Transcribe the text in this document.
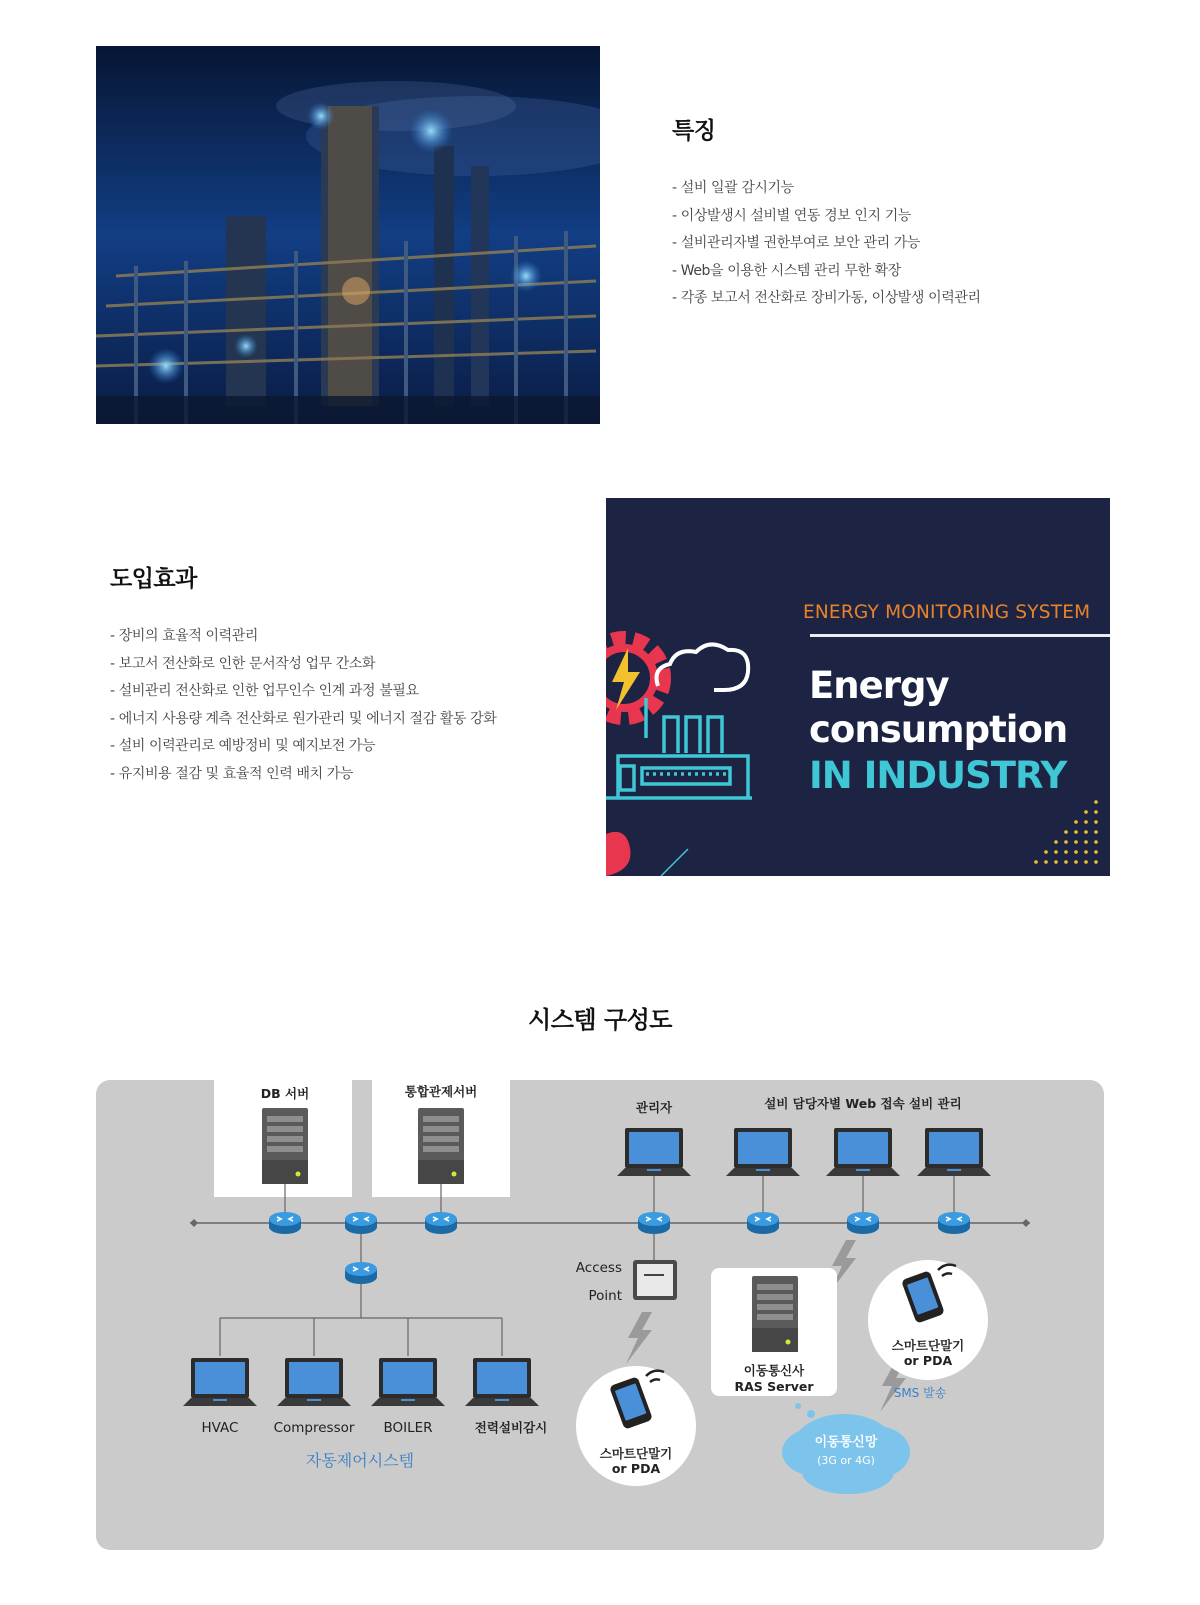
특징
- 설비 일괄 감시기능
- 이상발생시 설비별 연동 경보 인지 기능
- 설비관리자별 권한부여로 보안 관리 가능
- Web을 이용한 시스템 관리 무한 확장
- 각종 보고서 전산화로 장비가동, 이상발생 이력관리
도입효과
- 장비의 효율적 이력관리
- 보고서 전산화로 인한 문서작성 업무 간소화
- 설비관리 전산화로 인한 업무인수 인계 과정 불필요
- 에너지 사용량 계측 전산화로 원가관리 및 에너지 절감 활동 강화
- 설비 이력관리로 예방정비 및 예지보전 가능
- 유지비용 절감 및 효율적 인력 배치 가능
ENERGY MONITORING SYSTEM
Energy
consumption
IN INDUSTRY
시스템 구성도
DB 서버	통합관제서버
관리자	설비 담당자별 Web 접속 설비 관리
Access
Point
이동통신사
RAS Server
스마트단말기
or PDA
스마트단말기
or PDA
SMS 발송
이동통신망
(3G or 4G)
HVAC	Compressor BOILER	전력설비감시
자동제어시스템
